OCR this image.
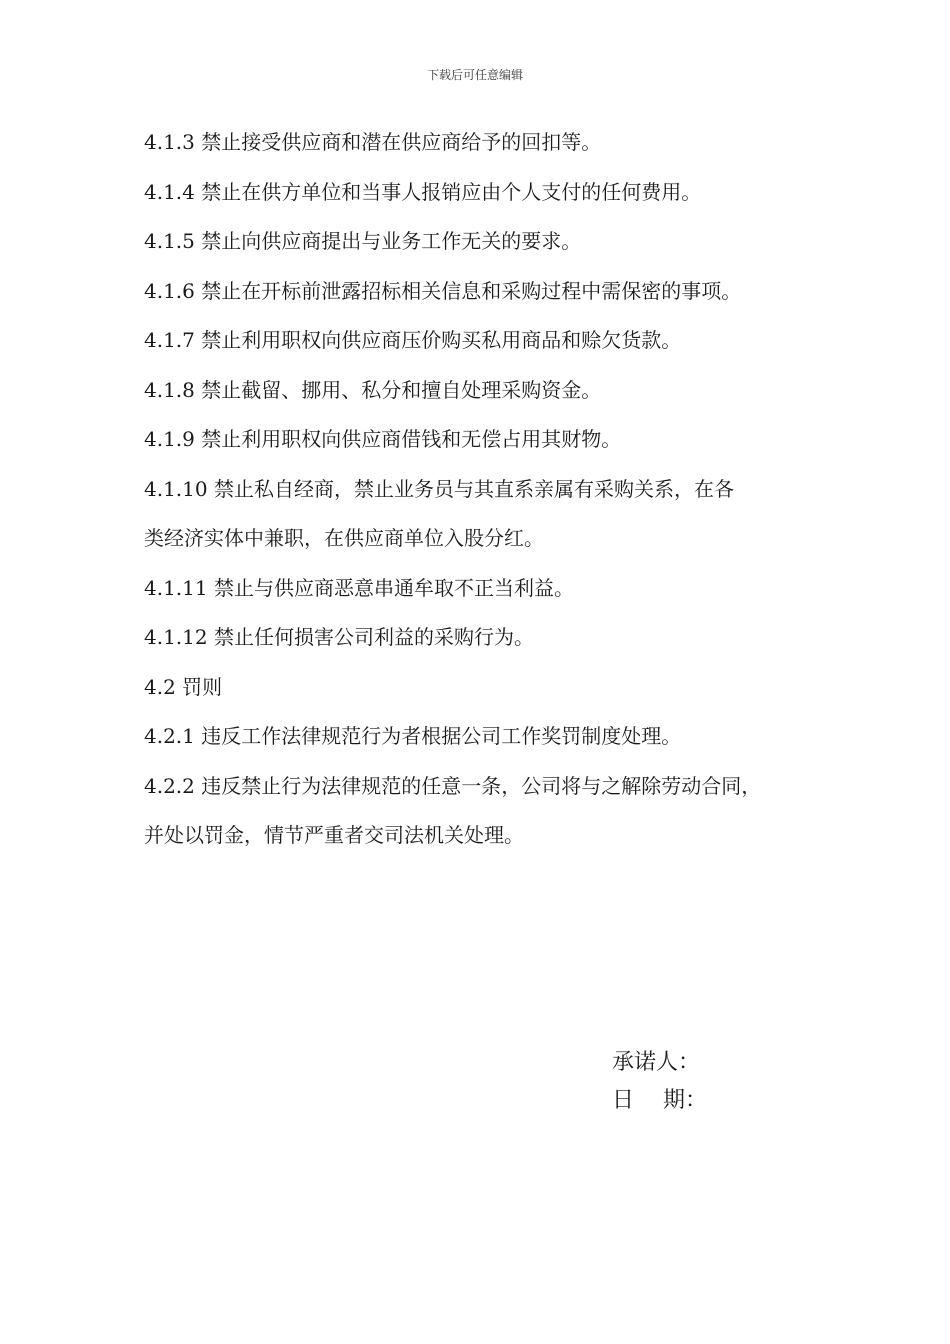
下载后可任意编辑

4.1.3 禁止接受供应商和潜在供应商给予的回扣等。

4.1.4 禁止在供方单位和当事人报销应由个人支付的任何费用。

4.1.5 禁止向供应商提出与业务工作无关的要求。

4.1.6 禁止在开标前泄露招标相关信息和采购过程中需保密的事项。

4.1.7 禁止利用职权向供应商压价购买私用商品和赊欠货款。

4.1.8 禁止截留、挪用、私分和擅自处理采购资金。

4.1.9 禁止利用职权向供应商借钱和无偿占用其财物。

4.1.10 禁止私自经商，禁止业务员与其直系亲属有采购关系，在各

类经济实体中兼职，在供应商单位入股分红。

4.1.11 禁止与供应商恶意串通牟取不正当利益。

4.1.12 禁止任何损害公司利益的采购行为。

4.2 罚则

4.2.1 违反工作法律规范行为者根据公司工作奖罚制度处理。

4.2.2 违反禁止行为法律规范的任意一条，公司将与之解除劳动合同，

并处以罚金，情节严重者交司法机关处理。

承诺人：
日　 期：
